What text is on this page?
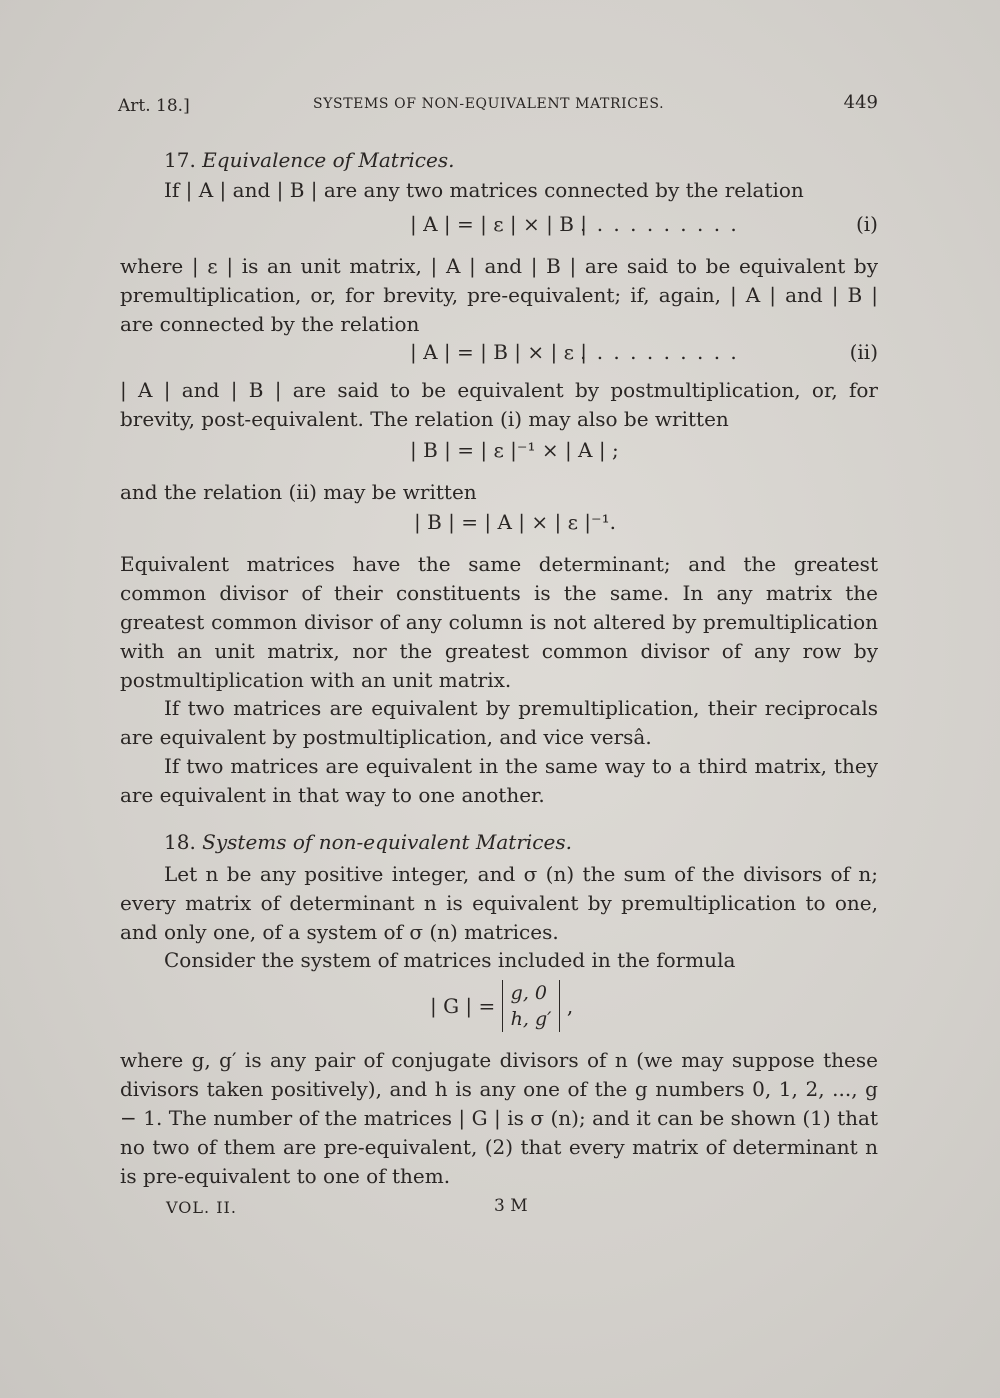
Art. 18.]	SYSTEMS OF NON-EQUIVALENT MATRICES.	449
17. Equivalence of Matrices.

If | A | and | B | are any two matrices connected by the relation

| A | = | ε | × | B |
. . . . . . . . . .	(i)

where | ε | is an unit matrix, | A | and | B | are said to be equivalent by premultiplication, or, for brevity, pre-equivalent; if, again, | A | and | B | are connected by the relation

| A | = | B | × | ε |
. . . . . . . . . .	(ii)

| A | and | B | are said to be equivalent by postmultiplication, or, for brevity, post-equivalent. The relation (i) may also be written

| B | = | ε |⁻¹ × | A | ;

and the relation (ii) may be written

| B | = | A | × | ε |⁻¹.

Equivalent matrices have the same determinant; and the greatest common divisor of their constituents is the same. In any matrix the greatest common divisor of any column is not altered by premultiplication with an unit matrix, nor the greatest common divisor of any row by postmultiplication with an unit matrix.

If two matrices are equivalent by premultiplication, their reciprocals are equivalent by postmultiplication, and vice versâ.

If two matrices are equivalent in the same way to a third matrix, they are equivalent in that way to one another.

18. Systems of non-equivalent Matrices.

Let n be any positive integer, and σ (n) the sum of the divisors of n; every matrix of determinant n is equivalent by premultiplication to one, and only one, of a system of σ (n) matrices.

Consider the system of matrices included in the formula

| G | =
g, 0
h, g′
,

where g, g′ is any pair of conjugate divisors of n (we may suppose these divisors taken positively), and h is any one of the g numbers 0, 1, 2, ..., g − 1. The number of the matrices | G | is σ (n); and it can be shown (1) that no two of them are pre-equivalent, (2) that every matrix of determinant n is pre-equivalent to one of them.

VOL. II.	3 M
